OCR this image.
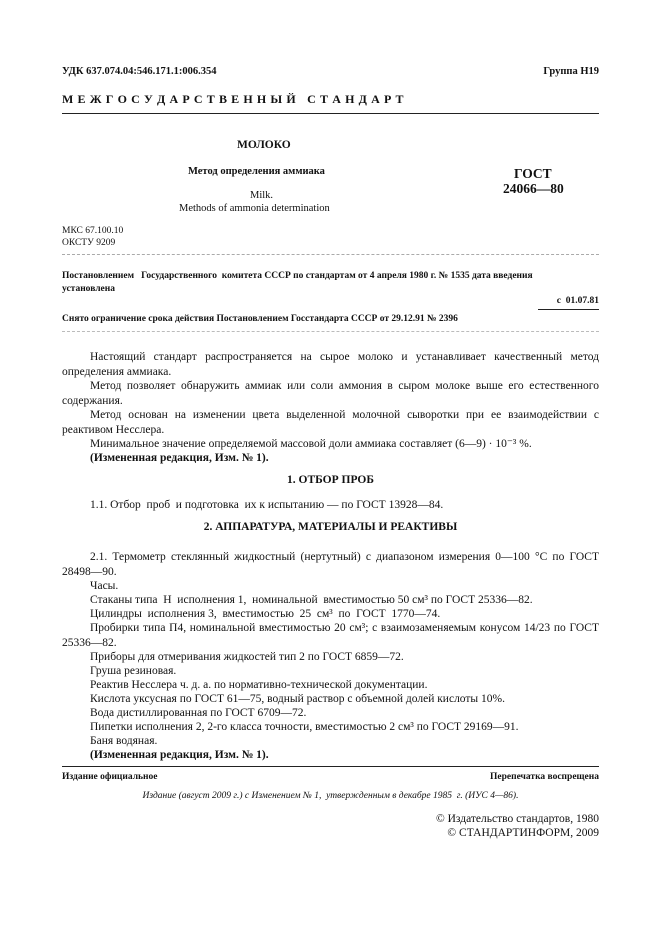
УДК 637.074.04:546.171.1:006.354	Группа Н19
М Е Ж Г О С У Д А Р С Т В Е Н Н Ы Й   С Т А Н Д А Р Т
МОЛОКО
Метод определения аммиака
Milk.
Methods of ammonia determination
ГОСТ
24066—80
МКС 67.100.10
ОКСТУ 9209
Постановлением   Государственного  комитета СССР по стандартам от 4 апреля 1980 г. № 1535 дата введения
установлена
с  01.07.81
Снято ограничение срока действия Постановлением Госстандарта СССР от 29.12.91 № 2396
Настоящий стандарт распространяется на сырое молоко и устанавливает качественный метод определения аммиака.
Метод позволяет обнаружить аммиак или соли аммония в сыром молоке выше его естественного содержания.
Метод основан на изменении цвета выделенной молочной сыворотки при ее взаимодействии с реактивом Несслера.
Минимальное значение определяемой массовой доли аммиака составляет (6—9) · 10⁻³ %.
(Измененная редакция, Изм. № 1).
1. ОТБОР ПРОБ
1.1. Отбор  проб  и подготовка  их к испытанию — по ГОСТ 13928—84.
2. АППАРАТУРА, МАТЕРИАЛЫ И РЕАКТИВЫ
2.1. Термометр стеклянный жидкостный (нертутный) с диапазоном измерения 0—100 °С по ГОСТ 28498—90.
Часы.
Стаканы типа  Н  исполнения 1,  номинальной  вместимостью 50 см³ по ГОСТ 25336—82.
Цилиндры  исполнения 3,  вместимостью  25  см³  по  ГОСТ  1770—74.
Пробирки типа П4, номинальной вместимостью 20 см³; с взаимозаменяемым конусом 14/23 по ГОСТ 25336—82.
Приборы для отмеривания жидкостей тип 2 по ГОСТ 6859—72.
Груша резиновая.
Реактив Несслера ч. д. а. по нормативно-технической документации.
Кислота уксусная по ГОСТ 61—75, водный раствор с объемной долей кислоты 10%.
Вода дистиллированная по ГОСТ 6709—72.
Пипетки исполнения 2, 2-го класса точности, вместимостью 2 см³ по ГОСТ 29169—91.
Баня водяная.
(Измененная редакция, Изм. № 1).
Издание официальное	Перепечатка воспрещена
Издание (август 2009 г.) с Изменением № 1,  утвержденным в декабре 1985  г. (ИУС 4—86).
© Издательство стандартов, 1980
© СТАНДАРТИНФОРМ, 2009
